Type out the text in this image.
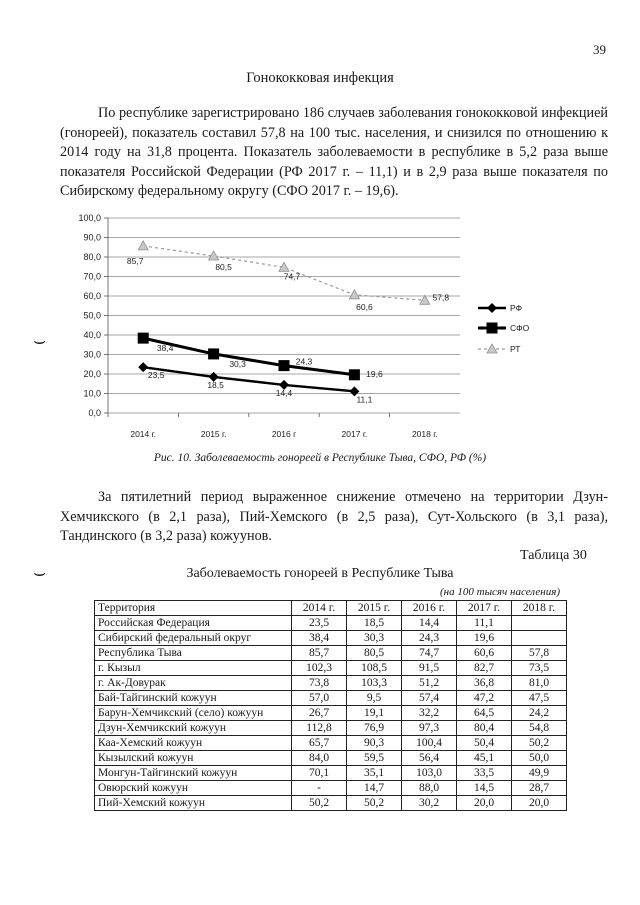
39
Гонококковая инфекция
По республике зарегистрировано 186 случаев заболевания гонококковой инфекцией (гонореей), показатель составил 57,8 на 100 тыс. населения, и снизился по отношению к 2014 году на 31,8 процента. Показатель заболеваемости в республике в 5,2 раза выше показателя Российской Федерации (РФ 2017 г. – 11,1) и в 2,9 раза выше показателя по Сибирскому федеральному округу (СФО 2017 г. – 19,6).
23,5
18,5
14,4
11,1
38,4
30,3	24,3
19,6
85,7
80,5
74,7
60,6
57,8
100,0
90,0
80,0
70,0
60,0
50,0
40,0
30,0
20,0
10,0
0,0
2014 г.	2015 г.	2016 г	2017 г.	2018 г.
РФ
СФО
РТ
Рис. 10. Заболеваемость гонореей в Республике Тыва, СФО, РФ (%)
За пятилетний период выраженное снижение отмечено на территории Дзун-Хемчикского (в 2,1 раза), Пий-Хемского (в 2,5 раза), Сут-Хольского (в 3,1 раза), Тандинского (в 3,2 раза) кожуунов.
Таблица 30
Заболеваемость гонореей в Республике Тыва
(на 100 тысяч населения)
Территория	2014 г.	2015 г.	2016 г.	2017 г.	2018 г.
Российская Федерация	23,5	18,5	14,4	11,1	
Сибирский федеральный округ	38,4	30,3	24,3	19,6	
Республика Тыва	85,7	80,5	74,7	60,6	57,8
г. Кызыл	102,3	108,5	91,5	82,7	73,5
г. Ак-Довурак	73,8	103,3	51,2	36,8	81,0
Бай-Тайгинский кожуун	57,0	9,5	57,4	47,2	47,5
Барун-Хемчикский (село) кожуун	26,7	19,1	32,2	64,5	24,2
Дзун-Хемчикский кожуун	112,8	76,9	97,3	80,4	54,8
Каа-Хемский кожуун	65,7	90,3	100,4	50,4	50,2
Кызылский кожуун	84,0	59,5	56,4	45,1	50,0
Монгун-Тайгинский кожуун	70,1	35,1	103,0	33,5	49,9
Овюрский кожуун	-	14,7	88,0	14,5	28,7
Пий-Хемский кожуун	50,2	50,2	30,2	20,0	20,0
⌣
⌣
